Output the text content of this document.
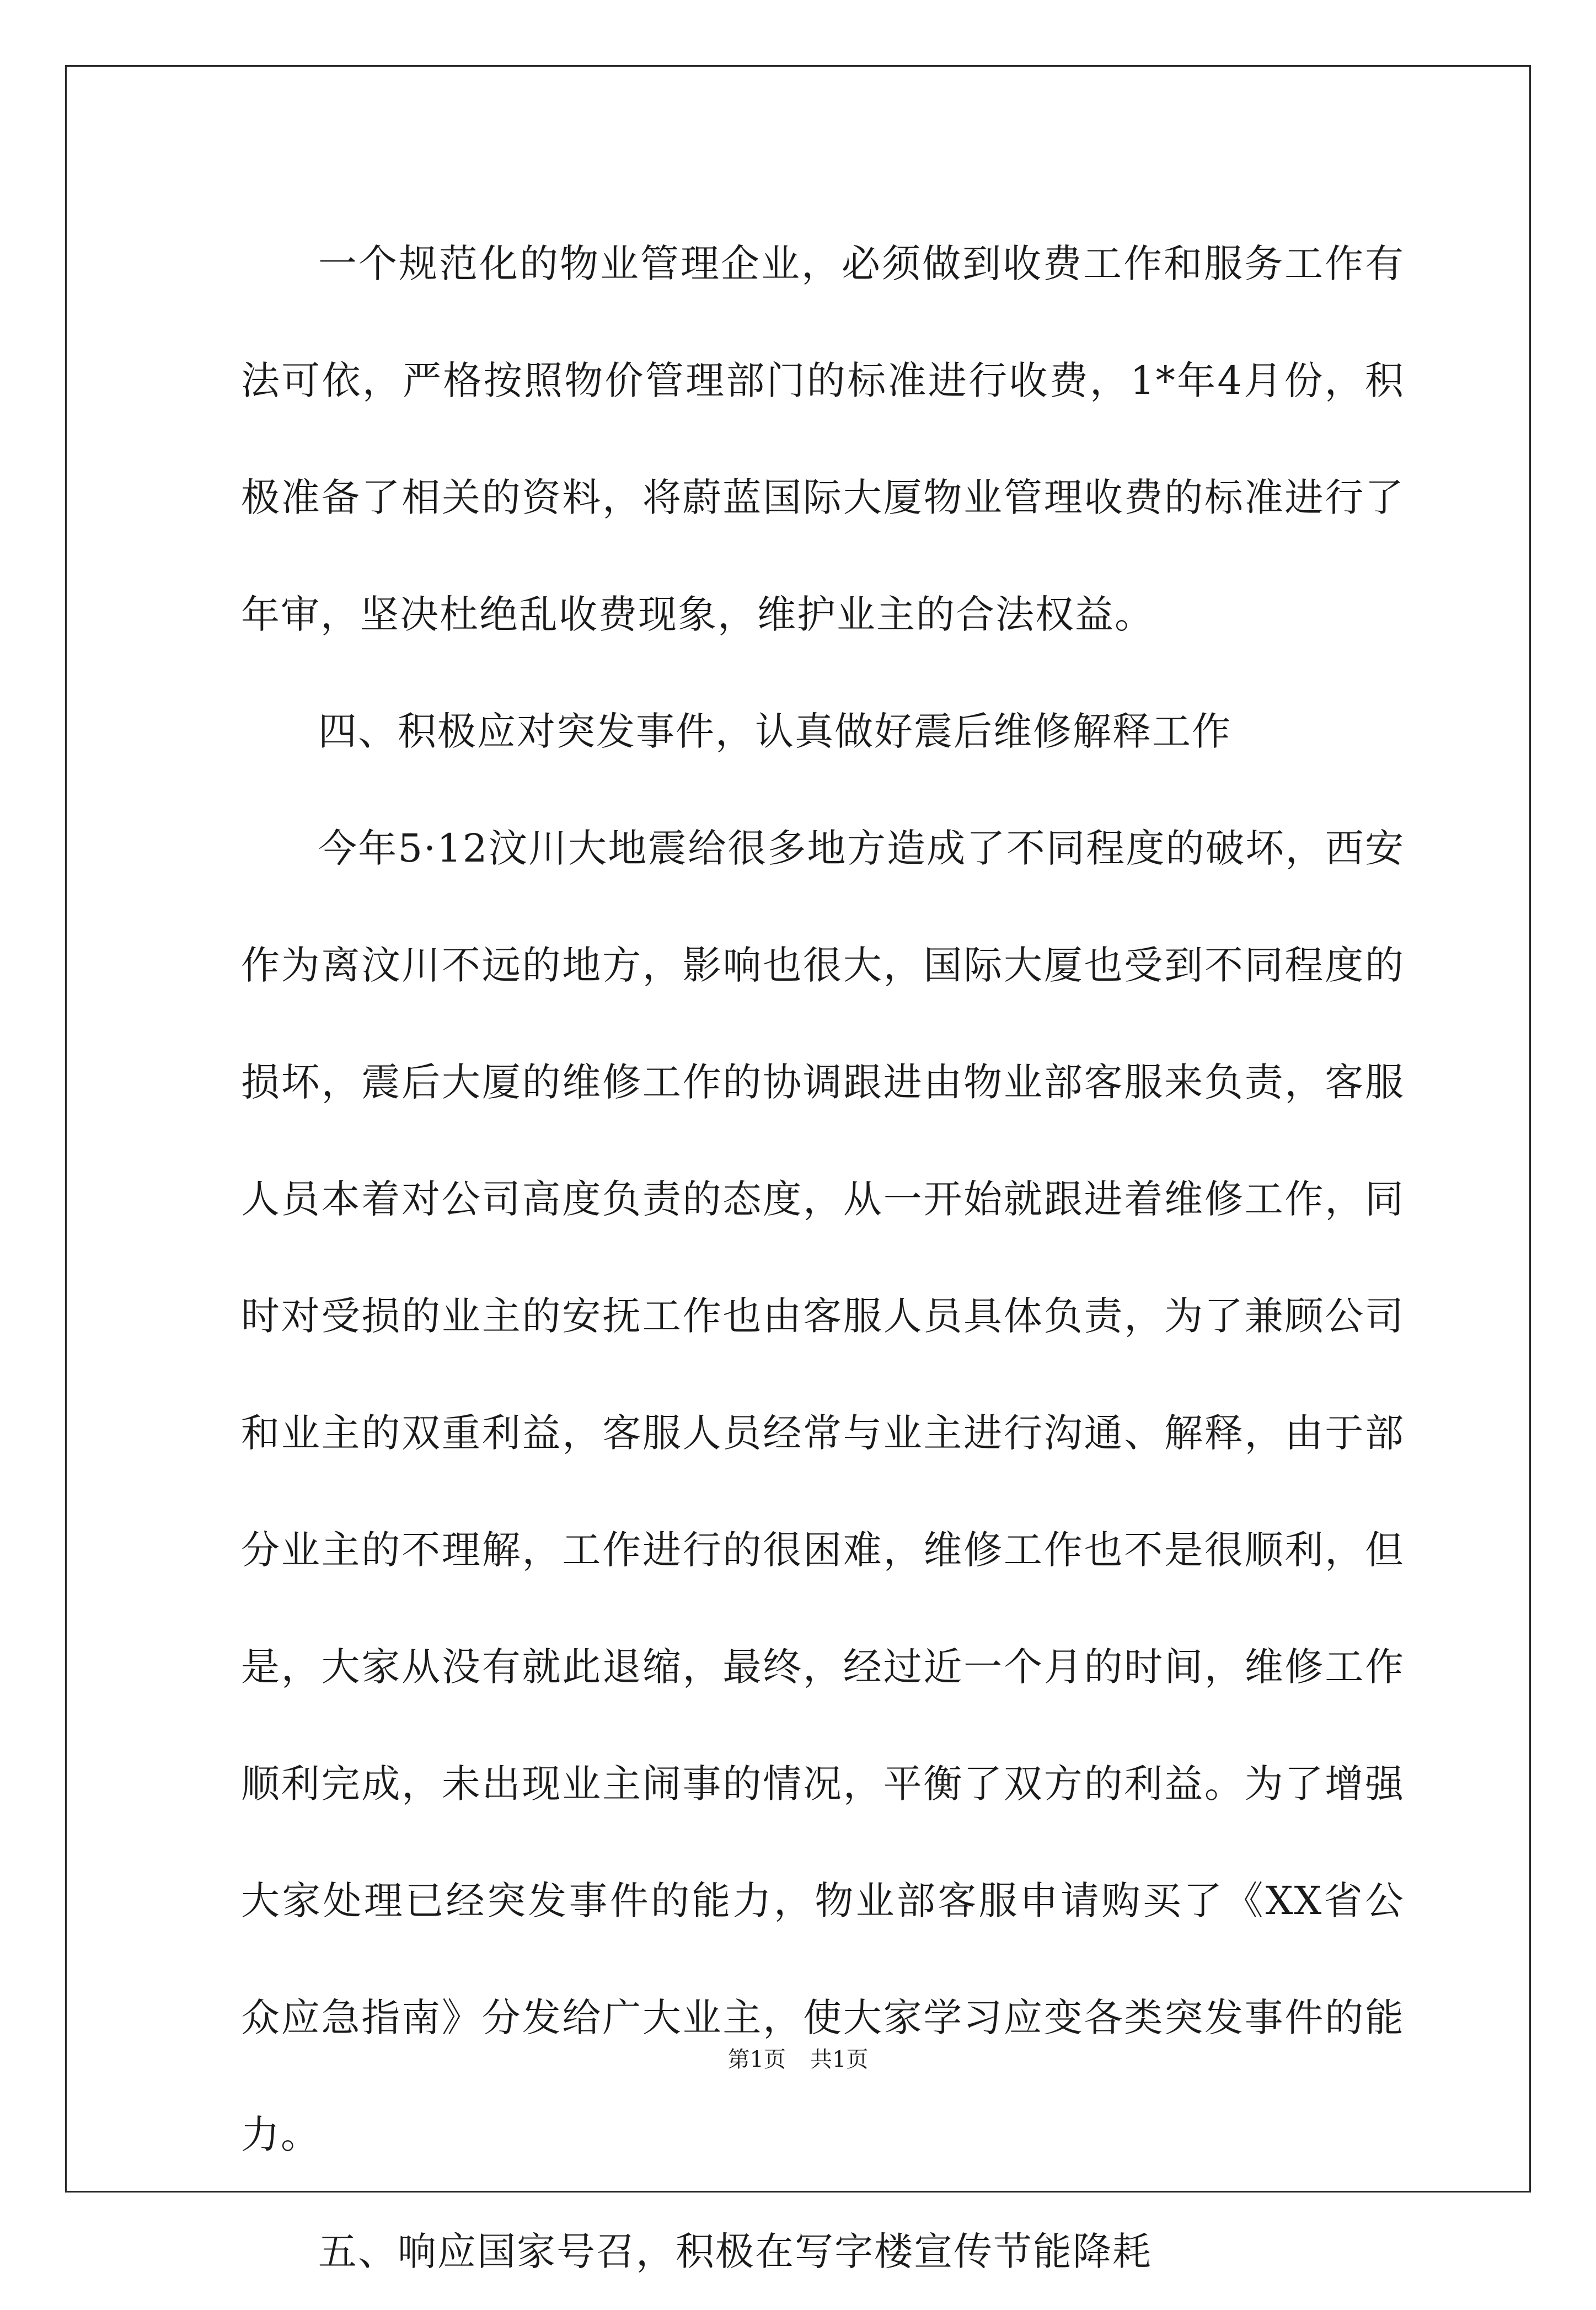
一个规范化的物业管理企业，必须做到收费工作和服务工作有法可依，严格按照物价管理部门的标准进行收费，1*年4月份，积极准备了相关的资料，将蔚蓝国际大厦物业管理收费的标准进行了年审，坚决杜绝乱收费现象，维护业主的合法权益。

四、积极应对突发事件，认真做好震后维修解释工作

今年5·12汶川大地震给很多地方造成了不同程度的破坏，西安作为离汶川不远的地方，影响也很大，国际大厦也受到不同程度的损坏，震后大厦的维修工作的协调跟进由物业部客服来负责，客服人员本着对公司高度负责的态度，从一开始就跟进着维修工作，同时对受损的业主的安抚工作也由客服人员具体负责，为了兼顾公司和业主的双重利益，客服人员经常与业主进行沟通、解释，由于部分业主的不理解，工作进行的很困难，维修工作也不是很顺利，但是，大家从没有就此退缩，最终，经过近一个月的时间，维修工作顺利完成，未出现业主闹事的情况，平衡了双方的利益。为了增强大家处理已经突发事件的能力，物业部客服申请购买了《XX省公众应急指南》分发给广大业主，使大家学习应变各类突发事件的能力。

五、响应国家号召，积极在写字楼宣传节能降耗

第1页 共1页
